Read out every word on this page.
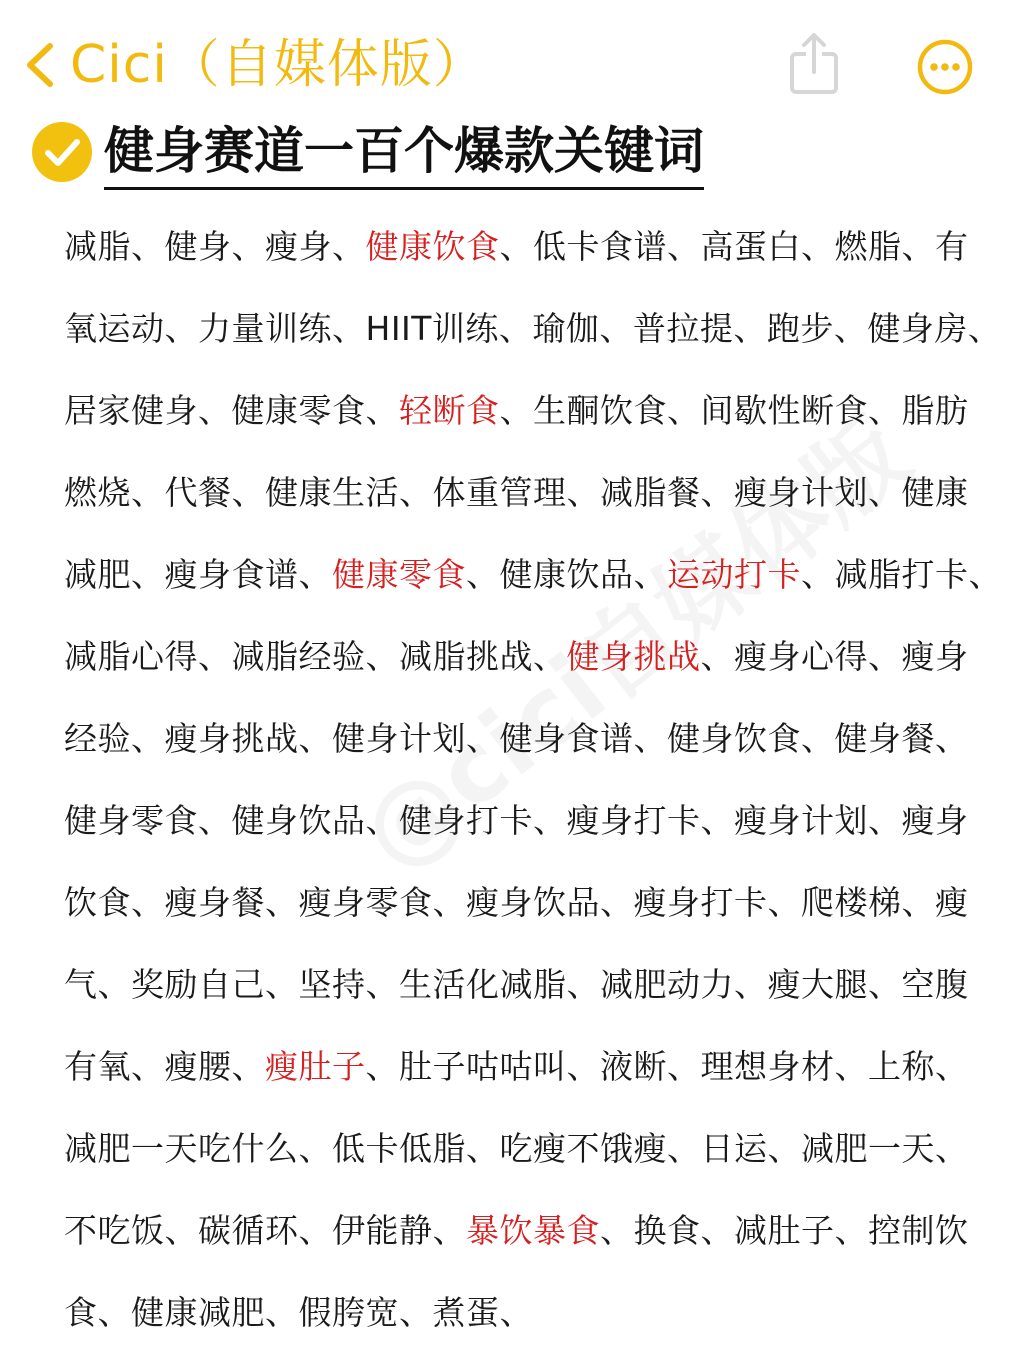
Cici（自媒体版）
健身赛道一百个爆款关键词
减脂、健身、瘦身、健康饮食、低卡食谱、高蛋白、燃脂、有
氧运动、力量训练、HIIT训练、瑜伽、普拉提、跑步、健身房、
居家健身、健康零食、轻断食、生酮饮食、间歇性断食、脂肪
燃烧、代餐、健康生活、体重管理、减脂餐、瘦身计划、健康
减肥、瘦身食谱、健康零食、健康饮品、运动打卡、减脂打卡、
减脂心得、减脂经验、减脂挑战、健身挑战、瘦身心得、瘦身
经验、瘦身挑战、健身计划、健身食谱、健身饮食、健身餐、
健身零食、健身饮品、健身打卡、瘦身打卡、瘦身计划、瘦身
饮食、瘦身餐、瘦身零食、瘦身饮品、瘦身打卡、爬楼梯、瘦
气、奖励自己、坚持、生活化减脂、减肥动力、瘦大腿、空腹
有氧、瘦腰、瘦肚子、肚子咕咕叫、液断、理想身材、上称、
减肥一天吃什么、低卡低脂、吃瘦不饿瘦、日运、减肥一天、
不吃饭、碳循环、伊能静、暴饮暴食、换食、减肚子、控制饮
食、健康减肥、假胯宽、煮蛋、
